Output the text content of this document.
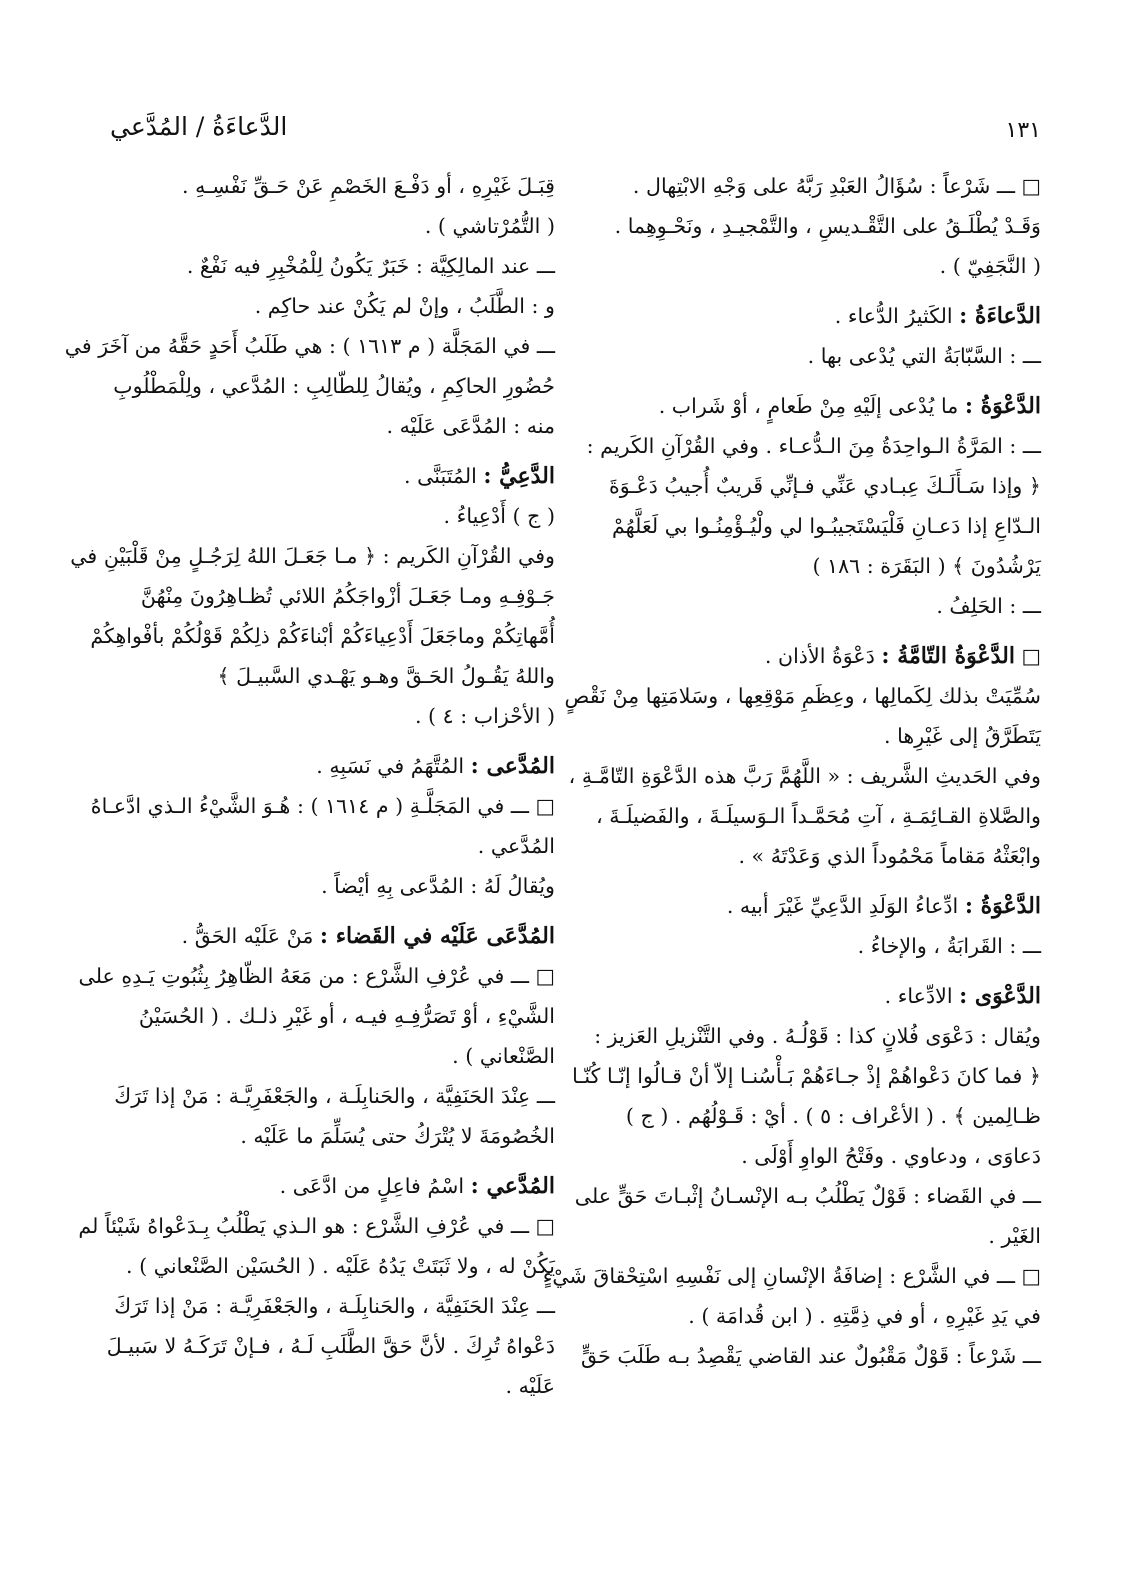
١٣١
الدَّعاءَةُ / المُدَّعي
□ ـــ شَرْعاً : سُؤَالُ العَبْدِ رَبَّهُ على وَجْهِ الابْتِهال .
وَقَـدْ يُطْلَـقُ على التَّقْـديسِ ، والتَّمْجيـدِ ، ونَحْـوِهِما .
( النَّجَفِيّ ) .
الدَّعاءَةُ : الكَثيرُ الدُّعاء .
ـــ : السَّبّابَةُ التي يُدْعى بها .
الدَّعْوَةُ : ما يُدْعى إلَيْهِ مِنْ طَعامٍ ، أوْ شَراب .
ـــ : المَرَّةُ الـواحِدَةُ مِنَ الـدُّعـاء . وفي القُرْآنِ الكَريم :
﴿ وإذا سَـأَلَـكَ عِبـادي عَنِّي فـإنِّي قَريبٌ أُجيبُ دَعْـوَةَ
الـدّاعِ إذا دَعـانِ فَلْيَسْتَجيبُـوا لي ولْيُـؤْمِنُـوا بي لَعَلَّهُمْ
يَرْشُدُونَ ﴾ ( البَقَرَة : ١٨٦ )
ـــ : الحَلِفُ .
□ الدَّعْوَةُ التّامَّةُ : دَعْوَةُ الأذان .
سُمِّيَتْ بذلك لِكَمالِها ، وعِظَمِ مَوْقِعِها ، وسَلامَتِها مِنْ نَقْصٍ
يَتَطَرَّقُ إلى غَيْرِها .
وفي الحَديثِ الشَّريف : « اللَّهُمَّ رَبَّ هذه الدَّعْوَةِ التّامَّـةِ ،
والصَّلاةِ القـائِمَـةِ ، آتِ مُحَمَّـداً الـوَسيلَـةَ ، والفَضيلَـةَ ،
وابْعَثْهُ مَقاماً مَحْمُوداً الذي وَعَدْتَهُ » .
الدَّعْوَةُ : ادِّعاءُ الوَلَدِ الدَّعِيِّ غَيْرَ أبيه .
ـــ : القَرابَةُ ، والإخاءُ .
الدَّعْوَى : الادِّعاء .
ويُقال : دَعْوَى فُلانٍ كذا : قَوْلُـهُ . وفي التَّنْزيلِ العَزيز :
﴿ فما كانَ دَعْواهُمْ إذْ جـاءَهُمْ بَـأْسُنـا إلاّ أنْ قـالُوا إنّـا كُنّـا
ظـالِمين ﴾ . ( الأعْراف : ٥ ) . أيْ : قَـوْلُهُم . ( ج )
دَعاوَى ، ودعاوي . وفَتْحُ الواوِ أَوْلَى .
ـــ في القَضاء : قَوْلٌ يَطْلُبُ بـه الإنْسـانُ إثْبـاتَ حَقٍّ على
الغَيْر .
□ ـــ في الشَّرْع : إضافَةُ الإنْسانِ إلى نَفْسِهِ اسْتِحْقاقَ شَيْءٍ
في يَدِ غَيْرِهِ ، أو في ذِمَّتِهِ . ( ابن قُدامَة ) .
ـــ شَرْعاً : قَوْلٌ مَقْبُولٌ عند القاضي يَقْصِدُ بـه طَلَبَ حَقٍّ
قِبَـلَ غَيْرِهِ ، أو دَفْـعَ الخَصْمِ عَنْ حَـقِّ نَفْسِـهِ .
( التُّمُرْتاشي ) .
ـــ عند المالِكِيَّة : خَبَرٌ يَكُونُ لِلْمُخْبِرِ فيه نَفْعٌ .
و : الطَّلَبُ ، وإنْ لم يَكُنْ عند حاكِم .
ـــ في المَجَلَّة ( م ١٦١٣ ) : هي طَلَبُ أَحَدٍ حَقَّهُ من آخَرَ في
حُضُورِ الحاكِمِ ، ويُقالُ لِلطّالِبِ : المُدَّعي ، ولِلْمَطْلُوبِ
منه : المُدَّعَى عَلَيْه .
الدَّعِيُّ : المُتَبَنَّى .
( ج ) أَدْعِياءُ .
وفي القُرْآنِ الكَريم : ﴿ مـا جَعَـلَ اللهُ لِرَجُـلٍ مِنْ قَلْبَيْنِ في
جَـوْفِـهِ ومـا جَعَـلَ أزْواجَكُمُ اللائي تُظـاهِرُونَ مِنْهُنَّ
أُمَّهاتِكُمْ وماجَعَلَ أَدْعِياءَكُمْ أبْناءَكُمْ ذلِكُمْ قَوْلُكُمْ بأفْواهِكُمْ
واللهُ يَقُـولُ الحَـقَّ وهـو يَهْـدي السَّبيـلَ ﴾
( الأحْزاب : ٤ ) .
المُدَّعى : المُتَّهَمُ في نَسَبِهِ .
□ ـــ في المَجَلَّـةِ ( م ١٦١٤ ) : هُـوَ الشَّيْءُ الـذي ادَّعـاهُ
المُدَّعي .
ويُقالُ لَهُ : المُدَّعى بِهِ أيْضاً .
المُدَّعَى عَلَيْه في القَضاء : مَنْ عَلَيْه الحَقُّ .
□ ـــ في عُرْفِ الشَّرْع : من مَعَهُ الظّاهِرُ بِثُبُوتِ يَـدِهِ على
الشَّيْءِ ، أوْ تَصَرُّفِـهِ فيـه ، أو غَيْرِ ذلـك . ( الحُسَيْنُ
الصَّنْعاني ) .
ـــ عِنْدَ الحَنَفِيَّة ، والحَنابِلَـة ، والجَعْفَرِيَّـة : مَنْ إذا تَرَكَ
الخُصُومَةَ لا يُتْرَكُ حتى يُسَلِّمَ ما عَلَيْه .
المُدَّعي : اسْمُ فاعِلٍ من ادَّعَى .
□ ـــ في عُرْفِ الشَّرْع : هو الـذي يَطْلُبُ بِـدَعْواهُ شَيْئاً لم
يَكُنْ له ، ولا ثَبَتَتْ يَدُهُ عَلَيْه . ( الحُسَيْن الصَّنْعاني ) .
ـــ عِنْدَ الحَنَفِيَّة ، والحَنابِلَـة ، والجَعْفَرِيَّـة : مَنْ إذا تَرَكَ
دَعْواهُ تُرِكَ . لأنَّ حَقَّ الطَّلَبِ لَـهُ ، فـإنْ تَرَكَـهُ لا سَبيـلَ
عَلَيْه .
